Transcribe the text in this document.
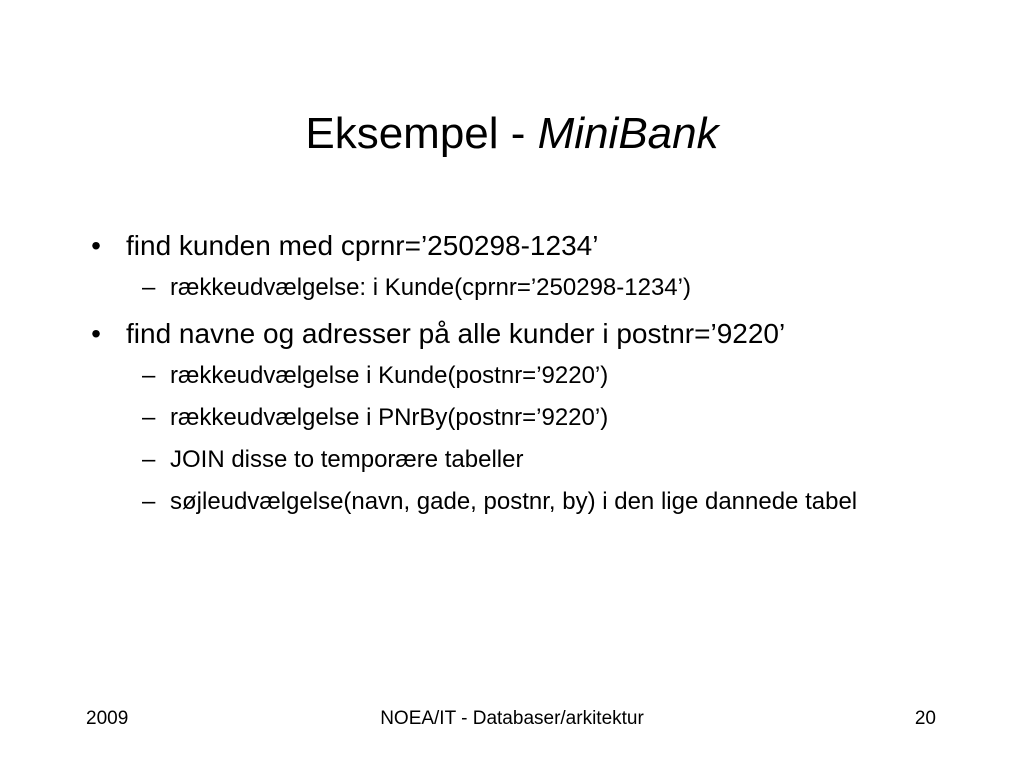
Eksempel - MiniBank
• find kunden med cprnr=’250298-1234’
– rækkeudvælgelse: i Kunde(cprnr=’250298-1234’)
• find navne og adresser på alle kunder i postnr=’9220’
– rækkeudvælgelse i Kunde(postnr=’9220’)
– rækkeudvælgelse i PNrBy(postnr=’9220’)
– JOIN disse to temporære tabeller
– søjleudvælgelse(navn, gade, postnr, by) i den lige dannede tabel
2009	NOEA/IT - Databaser/arkitektur	20
